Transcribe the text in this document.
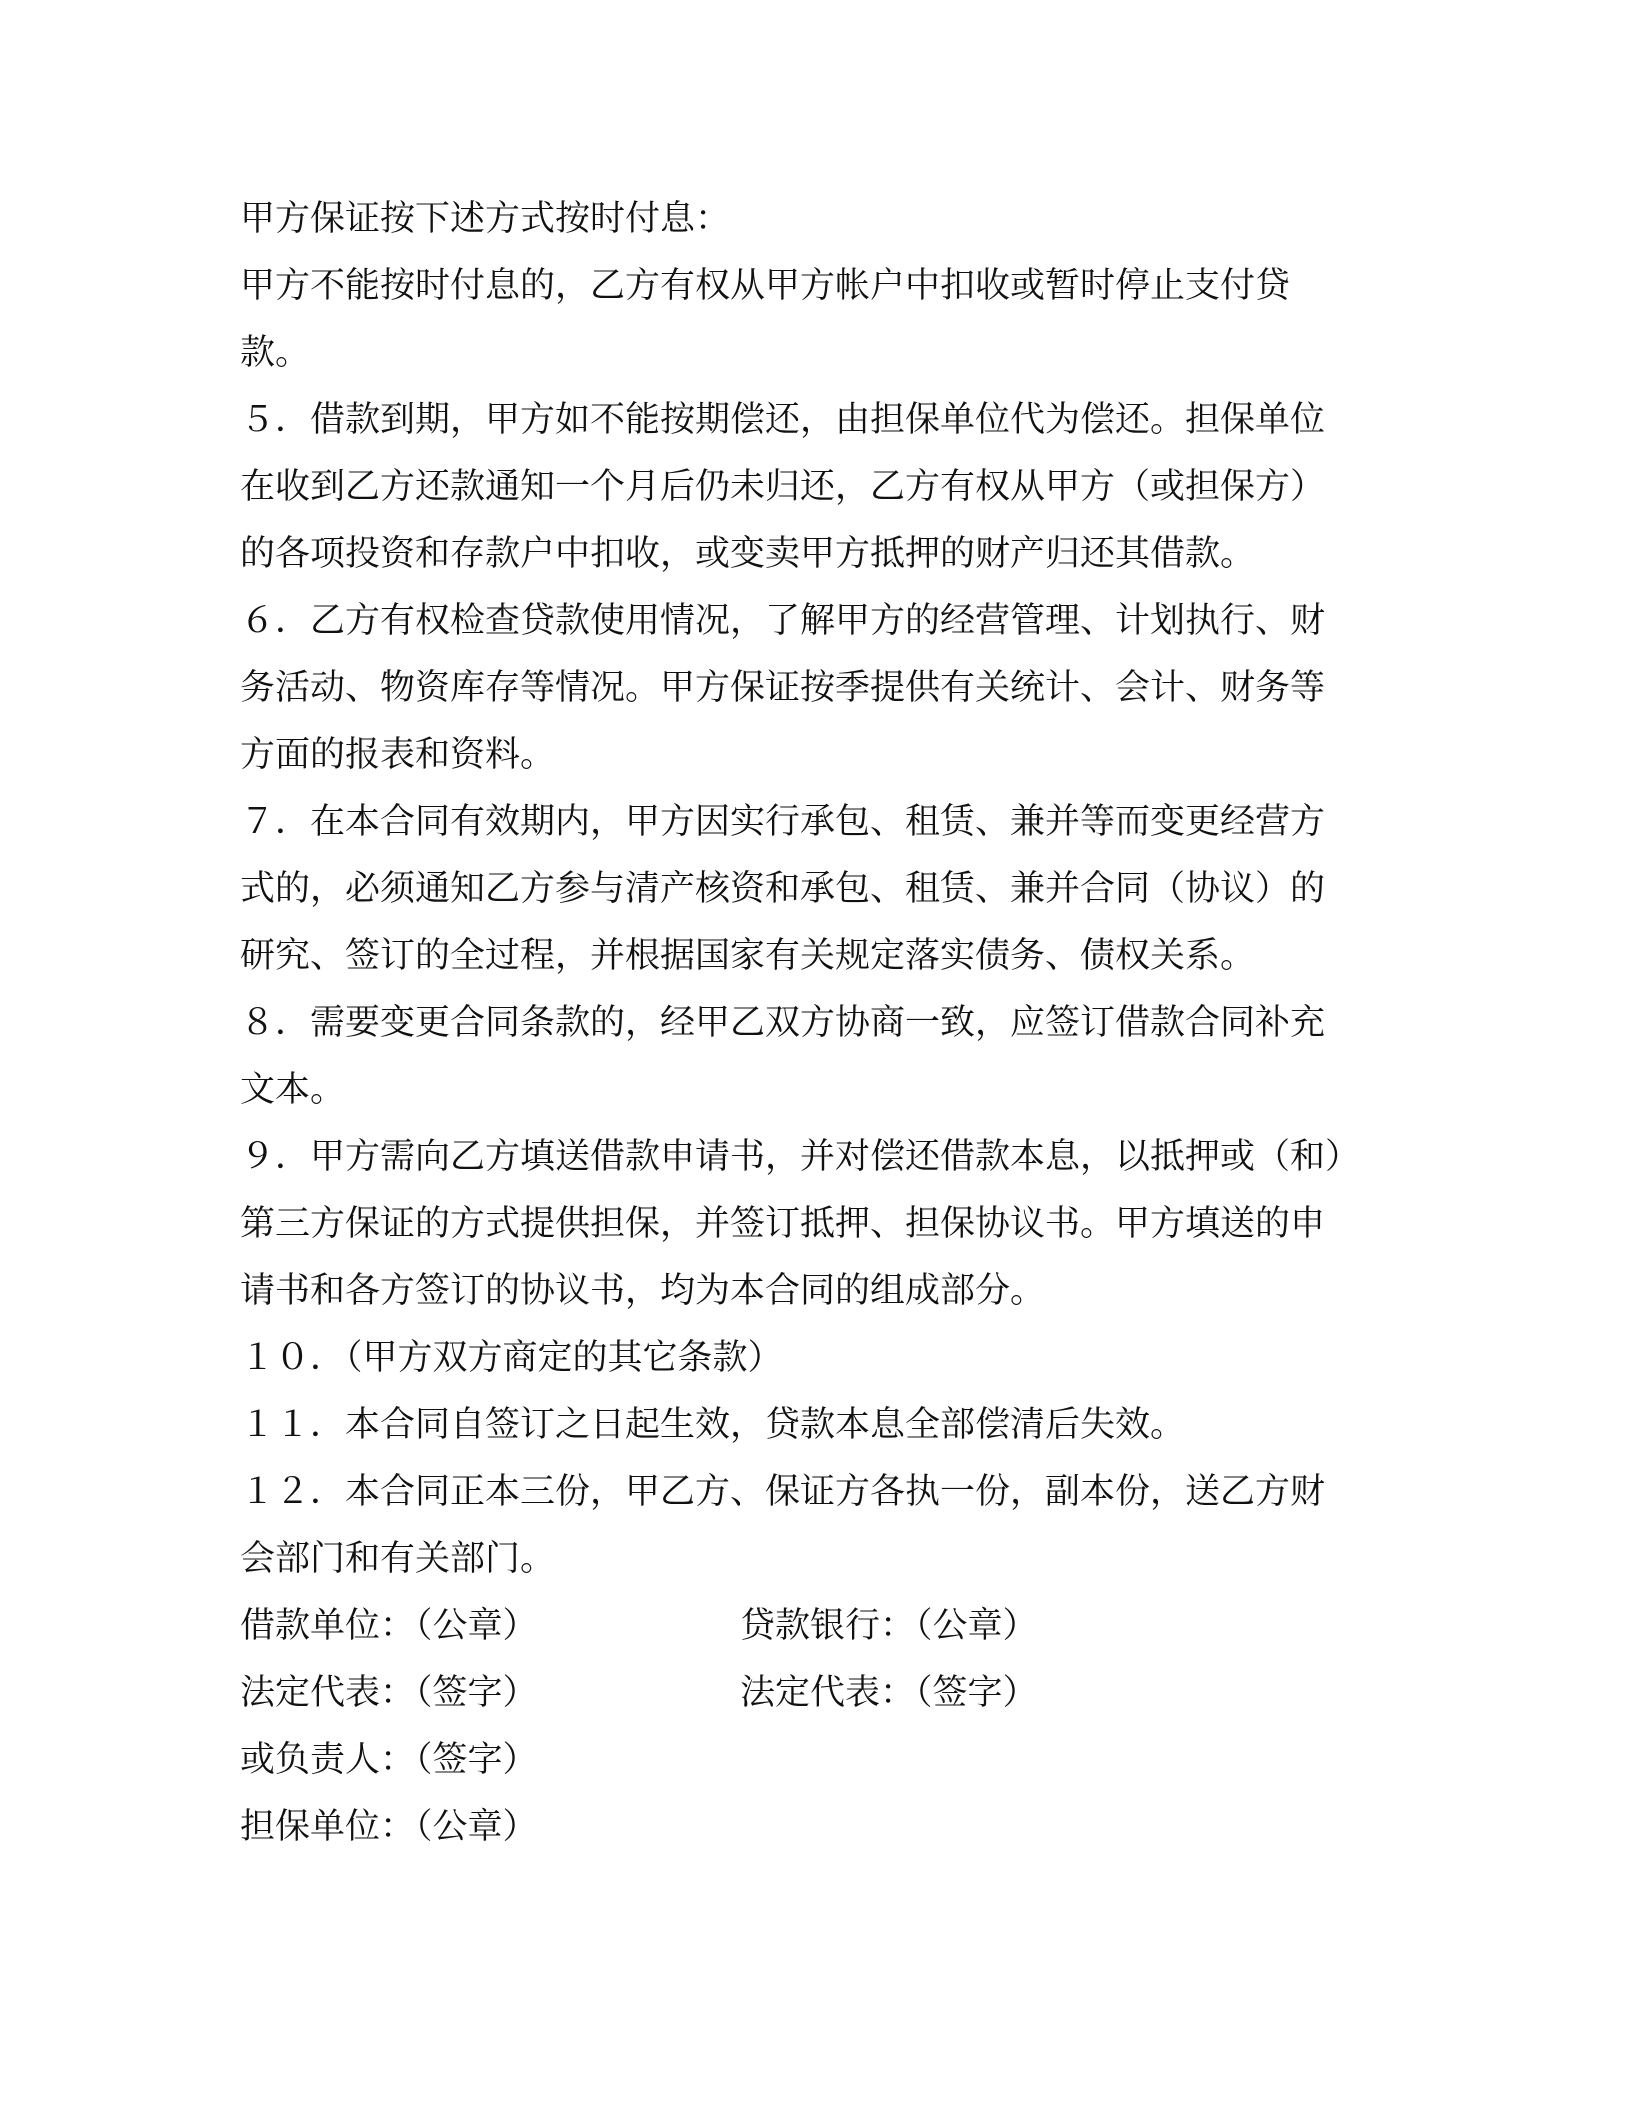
甲方保证按下述方式按时付息：
甲方不能按时付息的，乙方有权从甲方帐户中扣收或暂时停止支付贷
款。
５．借款到期，甲方如不能按期偿还，由担保单位代为偿还。担保单位
在收到乙方还款通知一个月后仍未归还，乙方有权从甲方（或担保方）
的各项投资和存款户中扣收，或变卖甲方抵押的财产归还其借款。
６．乙方有权检查贷款使用情况，了解甲方的经营管理、计划执行、财
务活动、物资库存等情况。甲方保证按季提供有关统计、会计、财务等
方面的报表和资料。
７．在本合同有效期内，甲方因实行承包、租赁、兼并等而变更经营方
式的，必须通知乙方参与清产核资和承包、租赁、兼并合同（协议）的
研究、签订的全过程，并根据国家有关规定落实债务、债权关系。
８．需要变更合同条款的，经甲乙双方协商一致，应签订借款合同补充
文本。
９．甲方需向乙方填送借款申请书，并对偿还借款本息，以抵押或（和）
第三方保证的方式提供担保，并签订抵押、担保协议书。甲方填送的申
请书和各方签订的协议书，均为本合同的组成部分。
１０．（甲方双方商定的其它条款）
１１．本合同自签订之日起生效，贷款本息全部偿清后失效。
１２．本合同正本三份，甲乙方、保证方各执一份，副本份，送乙方财
会部门和有关部门。
借款单位：（公章）	贷款银行：（公章）
法定代表：（签字）	法定代表：（签字）
或负责人：（签字）
担保单位：（公章）
